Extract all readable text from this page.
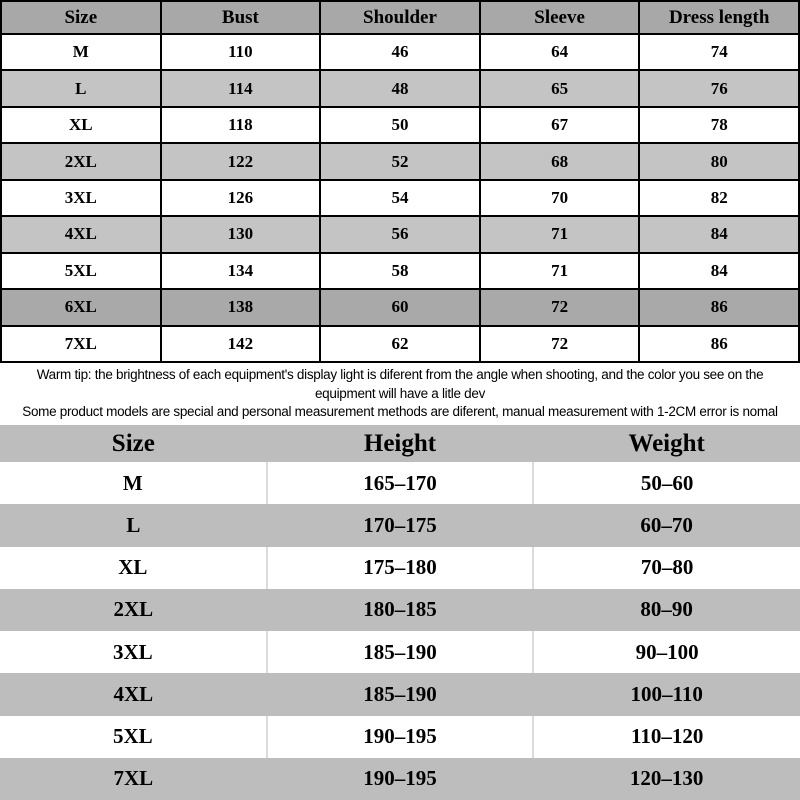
Size	Bust	Shoulder	Sleeve	Dress length
M	110	46	64	74
L	114	48	65	76
XL	118	50	67	78
2XL	122	52	68	80
3XL	126	54	70	82
4XL	130	56	71	84
5XL	134	58	71	84
6XL	138	60	72	86
7XL	142	62	72	86
Warm tip: the brightness of each equipment's display light is diferent from the angle when shooting, and the color you see on the
equipment will have a litle dev
Some product models are special and personal measurement methods are diferent, manual measurement with 1-2CM error is nomal
Size	Height	Weight
M	165–170	50–60
L	170–175	60–70
XL	175–180	70–80
2XL	180–185	80–90
3XL	185–190	90–100
4XL	185–190	100–110
5XL	190–195	110–120
7XL	190–195	120–130
